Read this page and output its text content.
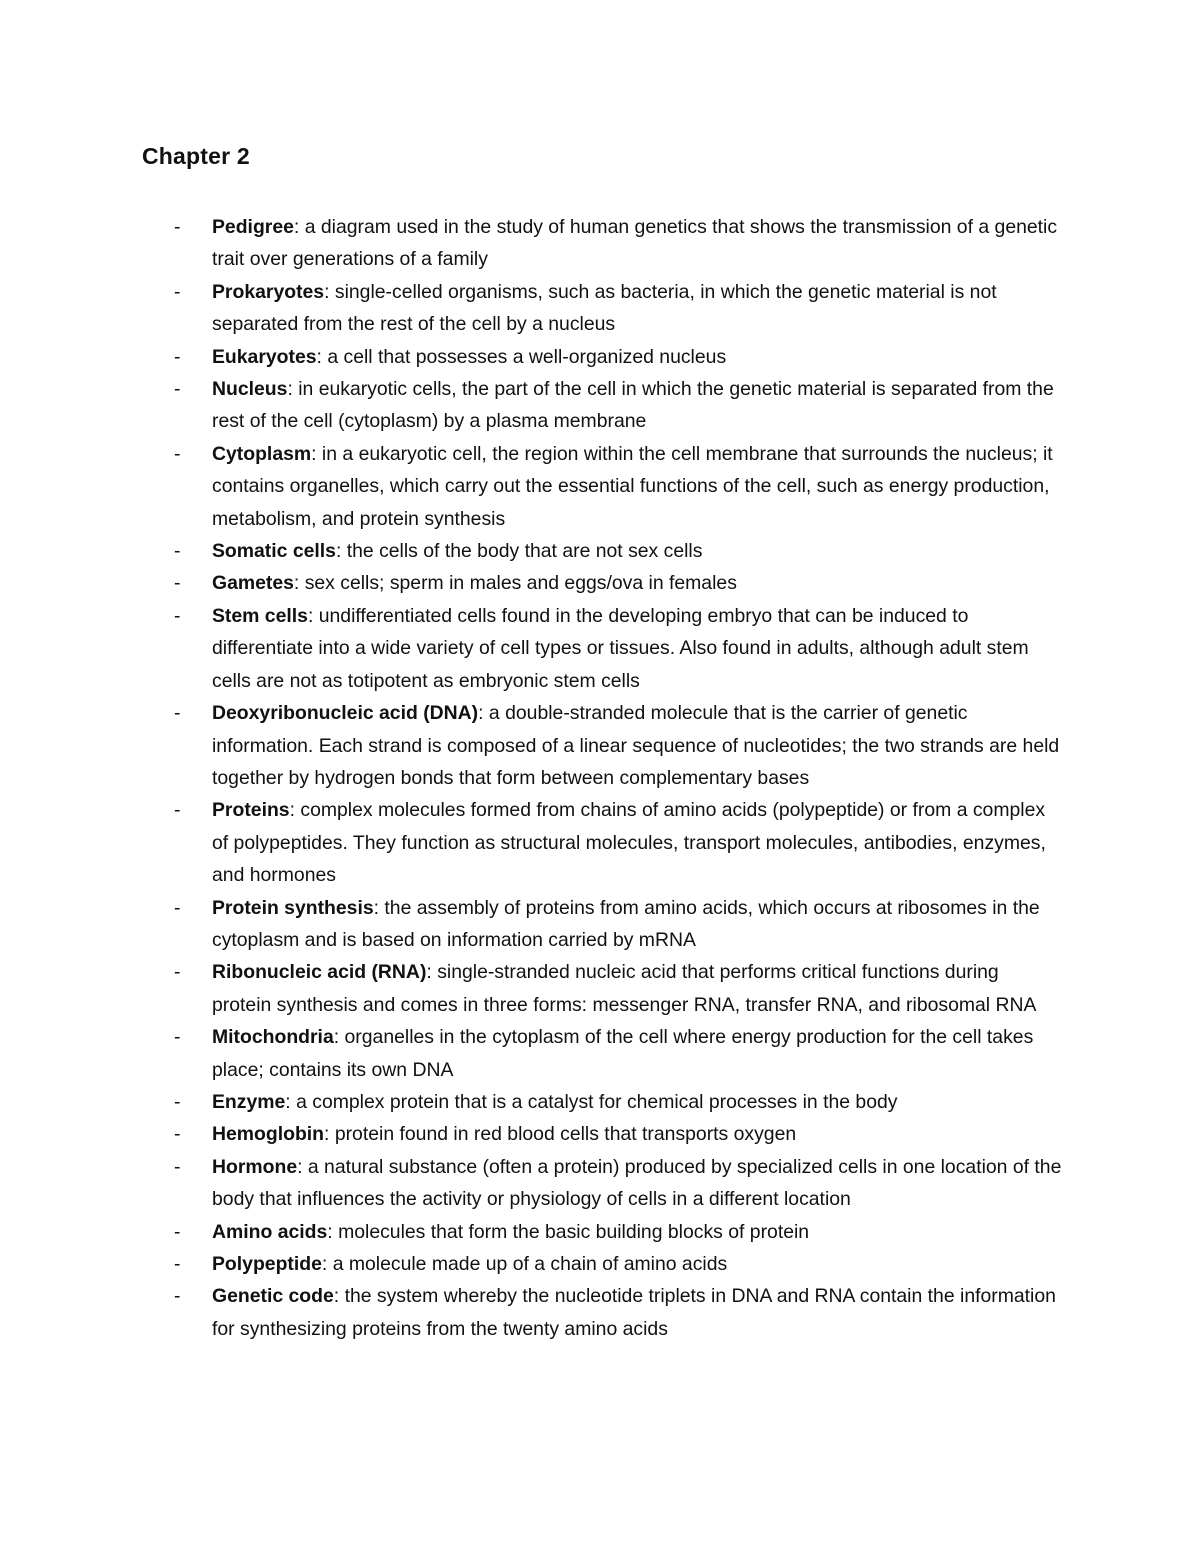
Chapter 2
-	Pedigree: a diagram used in the study of human genetics that shows the transmission of a genetic trait over generations of a family
-	Prokaryotes: single-celled organisms, such as bacteria, in which the genetic material is not separated from the rest of the cell by a nucleus
-	Eukaryotes: a cell that possesses a well-organized nucleus
-	Nucleus: in eukaryotic cells, the part of the cell in which the genetic material is separated from the rest of the cell (cytoplasm) by a plasma membrane
-	Cytoplasm: in a eukaryotic cell, the region within the cell membrane that surrounds the nucleus; it contains organelles, which carry out the essential functions of the cell, such as energy production, metabolism, and protein synthesis
-	Somatic cells: the cells of the body that are not sex cells
-	Gametes: sex cells; sperm in males and eggs/ova in females
-	Stem cells: undifferentiated cells found in the developing embryo that can be induced to differentiate into a wide variety of cell types or tissues. Also found in adults, although adult stem cells are not as totipotent as embryonic stem cells
-	Deoxyribonucleic acid (DNA): a double-stranded molecule that is the carrier of genetic information. Each strand is composed of a linear sequence of nucleotides; the two strands are held together by hydrogen bonds that form between complementary bases
-	Proteins: complex molecules formed from chains of amino acids (polypeptide) or from a complex of polypeptides. They function as structural molecules, transport molecules, antibodies, enzymes, and hormones
-	Protein synthesis: the assembly of proteins from amino acids, which occurs at ribosomes in the cytoplasm and is based on information carried by mRNA
-	Ribonucleic acid (RNA): single-stranded nucleic acid that performs critical functions during protein synthesis and comes in three forms: messenger RNA, transfer RNA, and ribosomal RNA
-	Mitochondria: organelles in the cytoplasm of the cell where energy production for the cell takes place; contains its own DNA
-	Enzyme: a complex protein that is a catalyst for chemical processes in the body
-	Hemoglobin: protein found in red blood cells that transports oxygen
-	Hormone: a natural substance (often a protein) produced by specialized cells in one location of the body that influences the activity or physiology of cells in a different location
-	Amino acids: molecules that form the basic building blocks of protein
-	Polypeptide: a molecule made up of a chain of amino acids
-	Genetic code: the system whereby the nucleotide triplets in DNA and RNA contain the information for synthesizing proteins from the twenty amino acids
